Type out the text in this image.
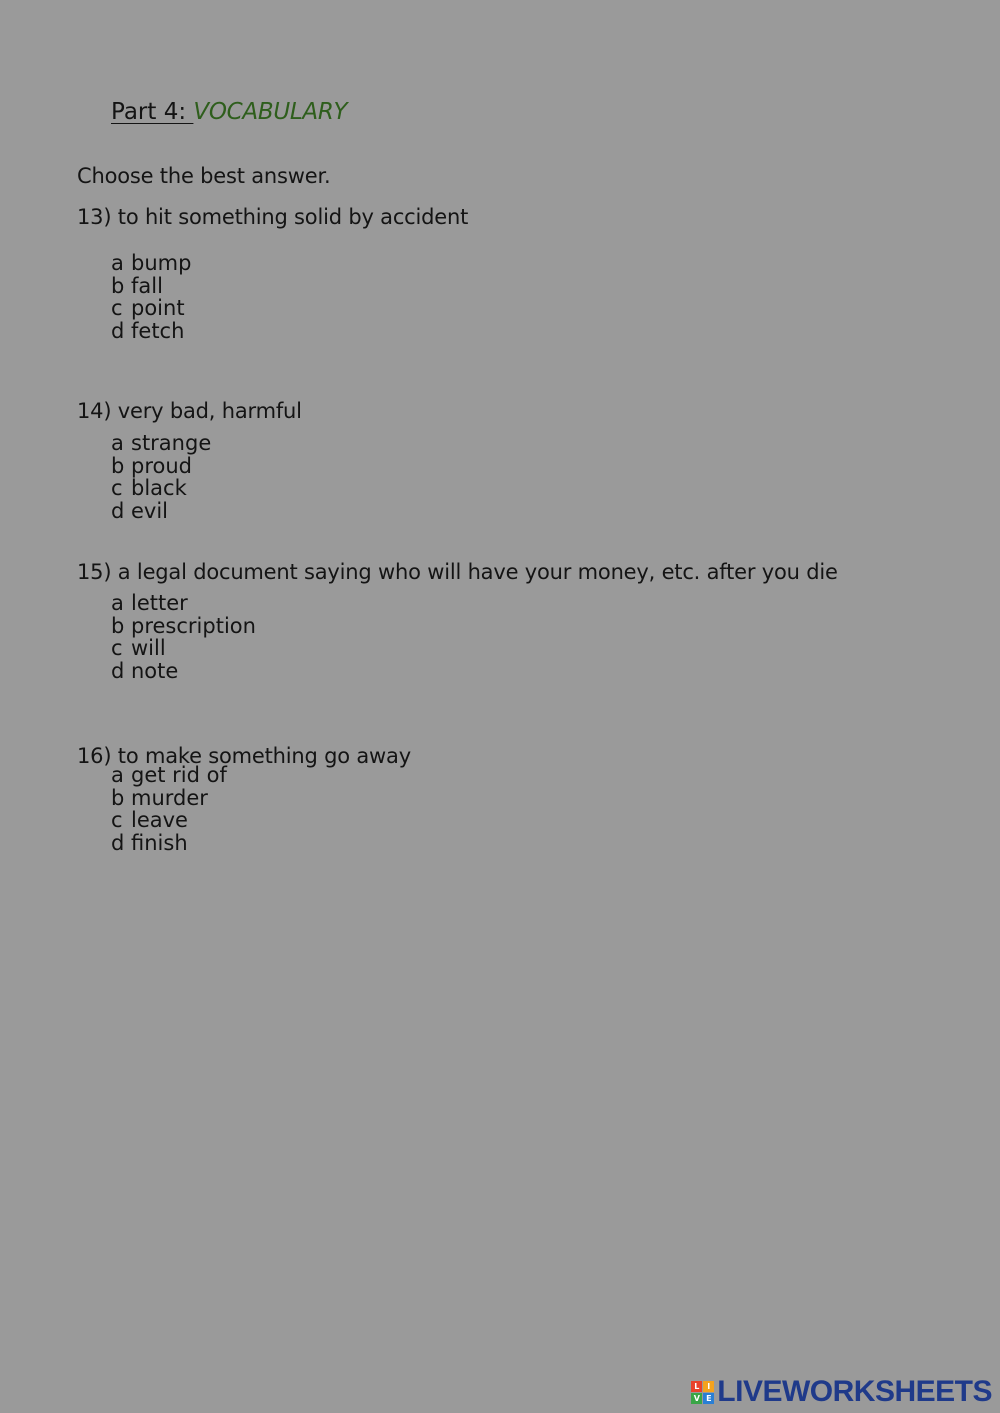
Part 4: VOCABULARY
Choose the best answer.
13) to hit something solid by accident
a bump
b fall
c point
d fetch
14) very bad, harmful
a strange
b proud
c black
d evil
15) a legal document saying who will have your money, etc. after you die
a letter
b prescription
c will
d note
16) to make something go away
a get rid of
b murder
c leave
d finish
L I
V E LIVEWORKSHEETS
